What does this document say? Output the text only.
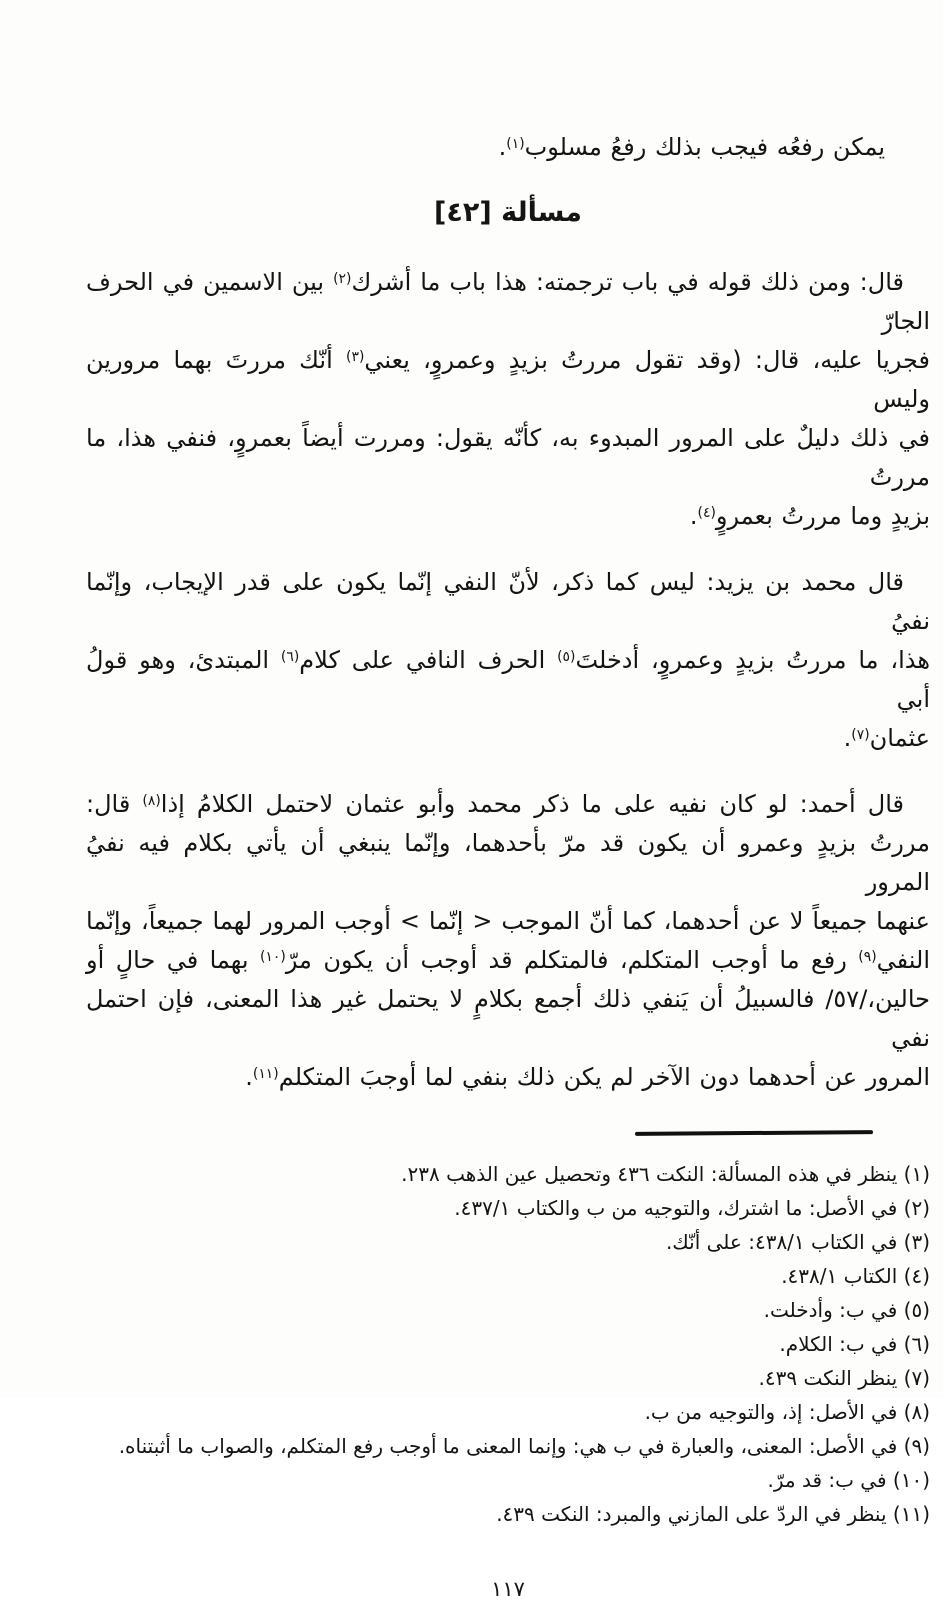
يمكن رفعُه فيجب بذلك رفعُ مسلوب$^{(١)}$.

مسألة [٤٢]

قال: ومن ذلك قوله في باب ترجمته: هذا باب ما أشرك$^{(٢)}$ بين الاسمين في الحرف الجارّ

فجريا عليه، قال: (وقد تقول مررتُ بزيدٍ وعمروٍ، يعني$^{(٣)}$ أنّك مررتَ بهما مرورين وليس

في ذلك دليلٌ على المرور المبدوء به، كأنّه يقول: ومررت أيضاً بعمروٍ، فنفي هذا، ما مررتُ

بزيدٍ وما مررتُ بعمروٍ$^{(٤)}$.

قال محمد بن يزيد: ليس كما ذكر، لأنّ النفي إنّما يكون على قدر الإيجاب، وإنّما نفيُ

هذا، ما مررتُ بزيدٍ وعمروٍ، أدخلتَ$^{(٥)}$ الحرف النافي على كلام$^{(٦)}$ المبتدئ، وهو قولُ أبي

عثمان$^{(٧)}$.

قال أحمد: لو كان نفيه على ما ذكر محمد وأبو عثمان لاحتمل الكلامُ إذا$^{(٨)}$ قال:

مررتُ بزيدٍ وعمرو أن يكون قد مرّ بأحدهما، وإنّما ينبغي أن يأتي بكلام فيه نفيُ المرور

عنهما جميعاً لا عن أحدهما، كما أنّ الموجب < إنّما > أوجب المرور لهما جميعاً، وإنّما

النفي$^{(٩)}$ رفع ما أوجب المتكلم، فالمتكلم قد أوجب أن يكون مرّ$^{(١٠)}$ بهما في حالٍ أو

حالين،/٥٧/ فالسبيلُ أن يَنفي ذلك أجمع بكلامٍ لا يحتمل غير هذا المعنى، فإن احتمل نفي

المرور عن أحدهما دون الآخر لم يكن ذلك بنفي لما أوجبَ المتكلم$^{(١١)}$.

(١) ينظر في هذه المسألة: النكت ٤٣٦ وتحصيل عين الذهب ٢٣٨.

(٢) في الأصل: ما اشترك، والتوجيه من ب والكتاب ٤٣٧/١.

(٣) في الكتاب ٤٣٨/١: على أنّك.

(٤) الكتاب ٤٣٨/١.

(٥) في ب: وأدخلت.

(٦) في ب: الكلام.

(٧) ينظر النكت ٤٣٩.

(٨) في الأصل: إذ، والتوجيه من ب.

(٩) في الأصل: المعنى، والعبارة في ب هي: وإنما المعنى ما أوجب رفع المتكلم، والصواب ما أثبتناه.

(١٠) في ب: قد مرّ.

(١١) ينظر في الردّ على المازني والمبرد: النكت ٤٣٩.

١١٧
